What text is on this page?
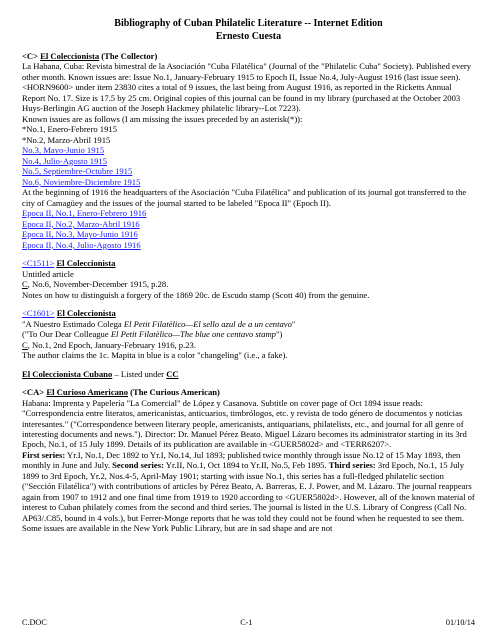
Bibliography of Cuban Philatelic Literature -- Internet Edition
Ernesto Cuesta
<C> El Coleccionista (The Collector)
La Habana, Cuba: Revista bimestral de la Asociación "Cuba Filatélica" (Journal of the "Philatelic Cuba" Society). Published every other month. Known issues are: Issue No.1, January-February 1915 to Epoch II, Issue No.4, July-August 1916 (last issue seen). <HORN9600> under item 23830 cites a total of 9 issues, the last being from August 1916, as reported in the Ricketts Annual Report No. 17. Size is 17.5 by 25 cm. Original copies of this journal can be found in my library (purchased at the October 2003 Huys-Berlingin AG auction of the Joseph Hackmey philatelic library--Lot 7223).
Known issues are as follows (I am missing the issues preceded by an asterisk(*)):
*No.1, Enero-Febrero 1915
*No.2, Marzo-Abril 1915
No.3, Mayo-Junio 1915
No.4, Julio-Agosto 1915
No.5, Septiembre-Octubre 1915
No.6, Noviembre-Diciembre 1915
At the beginning of 1916 the headquarters of the Asociación "Cuba Filatélica" and publication of its journal got transferred to the city of Camagüey and the issues of the journal started to be labeled "Epoca II" (Epoch II).
Epoca II, No.1, Enero-Febrero 1916
Epoca II, No.2, Marzo-Abril 1916
Epoca II, No.3, Mayo-Junio 1916
Epoca II, No.4, Julio-Agosto 1916
<C1511> El Coleccionista
Untitled article
C, No.6, November-December 1915, p.28.
Notes on how to distinguish a forgery of the 1869 20c. de Escudo stamp (Scott 40) from the genuine.
<C1601> El Coleccionista
"A Nuestro Estimado Colega El Petit Filatèlico—El sello azul de a un centavo"
("To Our Dear Colleague El Petit Filatèlico—The blue one centavo stamp")
C, No.1, 2nd Epoch, January-February 1916, p.23.
The author claims the 1c. Mapita in blue is a color "changeling" (i.e., a fake).
El Coleccionista Cubano – Listed under CC
<CA> El Curioso Americano (The Curious American)
Habana: Imprenta y Papelería "La Comercial" de López y Casanova. Subtitle on cover page of Oct 1894 issue reads: "Correspondencia entre literatos, americanistas, anticuarios, timbrólogos, etc. y revista de todo género de documentos y noticias interesantes." ("Correspondence between literary people, americanists, antiquarians, philatelists, etc., and journal for all genre of interesting documents and news."). Director: Dr. Manuel Pérez Beato. Miguel Lázaro becomes its administrator starting in its 3rd Epoch, No.1, of 15 July 1899. Details of its publication are available in <GUER5802d> and <TERR6207>.
First series: Yr.I, No.1, Dec 1892 to Yr.I, No.14, Jul 1893; published twice monthly through issue No.12 of 15 May 1893, then monthly in June and July. Second series: Yr.II, No.1, Oct 1894 to Yr.II, No.5, Feb 1895. Third series: 3rd Epoch, No.1, 15 July 1899 to 3rd Epoch, Yr.2, Nos.4-5, April-May 1901; starting with issue No.1, this series has a full-fledged philatelic section ("Sección Filatélica") with contributions of articles by Pérez Beato, A. Barreras, E. J. Power, and M. Lázaro. The journal reappears again from 1907 to 1912 and one final time from 1919 to 1920 according to <GUER5802d>. However, all of the known material of interest to Cuban philately comes from the second and third series. The journal is listed in the U.S. Library of Congress (Call No. AP63/.C85, bound in 4 vols.), but Ferrer-Monge reports that he was told they could not be found when he requested to see them. Some issues are available in the New York Public Library, but are in sad shape and are not
C.DOC	C-1	01/10/14
